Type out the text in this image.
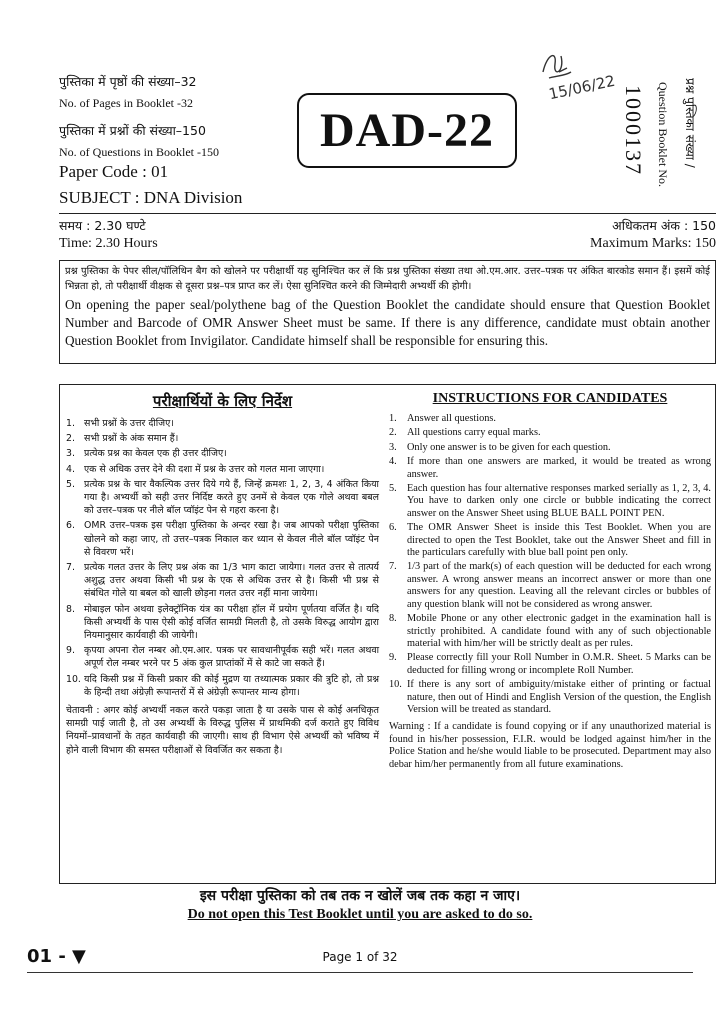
पुस्तिका में पृष्ठों की संख्या–32
No. of Pages in Booklet -32
पुस्तिका में प्रश्नों की संख्या–150
No. of Questions in Booklet -150
Paper Code : 01
SUBJECT : DNA Division
DAD-22
15/06/22 1000137 Question Booklet No. प्रश्न पुस्तिका संख्या /
समय : 2.30 घण्टे	अधिकतम अंक : 150
Time: 2.30 Hours	Maximum Marks: 150

प्रश्न पुस्तिका के पेपर सील/पॉलिथिन बैग को खोलने पर परीक्षार्थी यह सुनिश्चित कर लें कि प्रश्न पुस्तिका संख्या तथा ओ.एम.आर. उत्तर–पत्रक पर अंकित बारकोड समान हैं। इसमें कोई भिन्नता हो, तो परीक्षार्थी वीक्षक से दूसरा प्रश्न–पत्र प्राप्त कर लें। ऐसा सुनिश्चित करने की जिम्मेदारी अभ्यर्थी की होगी।

On opening the paper seal/polythene bag of the Question Booklet the candidate should ensure that Question Booklet Number and Barcode of OMR Answer Sheet must be same. If there is any difference, candidate must obtain another Question Booklet from Invigilator. Candidate himself shall be responsible for ensuring this.

परीक्षार्थियों के लिए निर्देश
1. सभी प्रश्नों के उत्तर दीजिए।
2. सभी प्रश्नों के अंक समान हैं।
3. प्रत्येक प्रश्न का केवल एक ही उत्तर दीजिए।
4. एक से अधिक उत्तर देने की दशा में प्रश्न के उत्तर को गलत माना जाएगा।
5. प्रत्येक प्रश्न के चार वैकल्पिक उत्तर दिये गये हैं, जिन्हें क्रमशः 1, 2, 3, 4 अंकित किया गया है। अभ्यर्थी को सही उत्तर निर्दिष्ट करते हुए उनमें से केवल एक गोले अथवा बबल को उत्तर–पत्रक पर नीले बॉल प्वॉइंट पेन से गहरा करना है।
6. OMR उत्तर–पत्रक इस परीक्षा पुस्तिका के अन्दर रखा है। जब आपको परीक्षा पुस्तिका खोलने को कहा जाए, तो उत्तर–पत्रक निकाल कर ध्यान से केवल नीले बॉल प्वॉइंट पेन से विवरण भरें।
7. प्रत्येक गलत उत्तर के लिए प्रश्न अंक का 1/3 भाग काटा जायेगा। गलत उत्तर से तात्पर्य अशुद्ध उत्तर अथवा किसी भी प्रश्न के एक से अधिक उत्तर से है। किसी भी प्रश्न से संबंधित गोले या बबल को खाली छोड़ना गलत उत्तर नहीं माना जायेगा।
8. मोबाइल फोन अथवा इलेक्ट्रॉनिक यंत्र का परीक्षा हॉल में प्रयोग पूर्णतया वर्जित है। यदि किसी अभ्यर्थी के पास ऐसी कोई वर्जित सामग्री मिलती है, तो उसके विरुद्ध आयोग द्वारा नियमानुसार कार्यवाही की जायेगी।
9. कृपया अपना रोल नम्बर ओ.एम.आर. पत्रक पर सावधानीपूर्वक सही भरें। गलत अथवा अपूर्ण रोल नम्बर भरने पर 5 अंक कुल प्राप्तांकों में से काटे जा सकते हैं।
10. यदि किसी प्रश्न में किसी प्रकार की कोई मुद्रण या तथ्यात्मक प्रकार की त्रुटि हो, तो प्रश्न के हिन्दी तथा अंग्रेज़ी रूपान्तरों में से अंग्रेज़ी रूपान्तर मान्य होगा।
चेतावनी : अगर कोई अभ्यर्थी नकल करते पकड़ा जाता है या उसके पास से कोई अनधिकृत सामग्री पाई जाती है, तो उस अभ्यर्थी के विरुद्ध पुलिस में प्राथमिकी दर्ज कराते हुए विविध नियमों–प्रावधानों के तहत कार्यवाही की जाएगी। साथ ही विभाग ऐसे अभ्यर्थी को भविष्य में होने वाली विभाग की समस्त परीक्षाओं से विवर्जित कर सकता है।
INSTRUCTIONS FOR CANDIDATES
1. Answer all questions.
2. All questions carry equal marks.
3. Only one answer is to be given for each question.
4. If more than one answers are marked, it would be treated as wrong answer.
5. Each question has four alternative responses marked serially as 1, 2, 3, 4. You have to darken only one circle or bubble indicating the correct answer on the Answer Sheet using BLUE BALL POINT PEN.
6. The OMR Answer Sheet is inside this Test Booklet. When you are directed to open the Test Booklet, take out the Answer Sheet and fill in the particulars carefully with blue ball point pen only.
7. 1/3 part of the mark(s) of each question will be deducted for each wrong answer. A wrong answer means an incorrect answer or more than one answers for any question. Leaving all the relevant circles or bubbles of any question blank will not be considered as wrong answer.
8. Mobile Phone or any other electronic gadget in the examination hall is strictly prohibited. A candidate found with any of such objectionable material with him/her will be strictly dealt as per rules.
9. Please correctly fill your Roll Number in O.M.R. Sheet. 5 Marks can be deducted for filling wrong or incomplete Roll Number.
10. If there is any sort of ambiguity/mistake either of printing or factual nature, then out of Hindi and English Version of the question, the English Version will be treated as standard.
Warning : If a candidate is found copying or if any unauthorized material is found in his/her possession, F.I.R. would be lodged against him/her in the Police Station and he/she would liable to be prosecuted. Department may also debar him/her permanently from all future examinations.
इस परीक्षा पुस्तिका को तब तक न खोलें जब तक कहा न जाए।
Do not open this Test Booklet until you are asked to do so.
01 - ▼	Page 1 of 32
